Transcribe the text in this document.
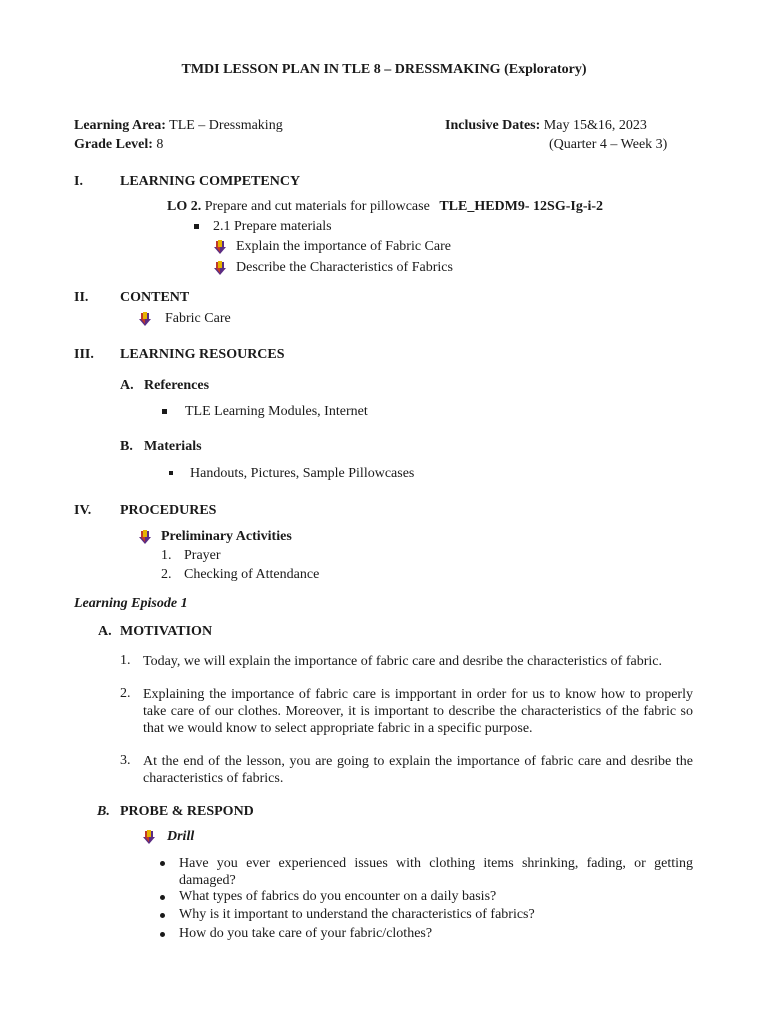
TMDI LESSON PLAN IN TLE 8 – DRESSMAKING (Exploratory)
Learning Area: TLE – Dressmaking	Inclusive Dates: May 15&16, 2023
Grade Level: 8	(Quarter 4 – Week 3)
I.	LEARNING COMPETENCY
LO 2. Prepare and cut materials for pillowcase TLE_HEDM9- 12SG-Ig-i-2
2.1 Prepare materials
Explain the importance of Fabric Care
Describe the Characteristics of Fabrics
II. CONTENT
Fabric Care
III. LEARNING RESOURCES
A. References
TLE Learning Modules, Internet
B. Materials
Handouts, Pictures, Sample Pillowcases
IV. PROCEDURES
Preliminary Activities
1. Prayer
2. Checking of Attendance
Learning Episode 1
A. MOTIVATION
1. Today, we will explain the importance of fabric care and desribe the characteristics of fabric.
2. Explaining the importance of fabric care is impportant in order for us to know how to properly take care of our clothes. Moreover, it is important to describe the characteristics of the fabric so that we would know to select appropriate fabric in a specific purpose.
3. At the end of the lesson, you are going to explain the importance of fabric care and desribe the characteristics of fabrics.
B. PROBE & RESPOND
Drill
Have you ever experienced issues with clothing items shrinking, fading, or getting damaged?
What types of fabrics do you encounter on a daily basis?
Why is it important to understand the characteristics of fabrics?
How do you take care of your fabric/clothes?
